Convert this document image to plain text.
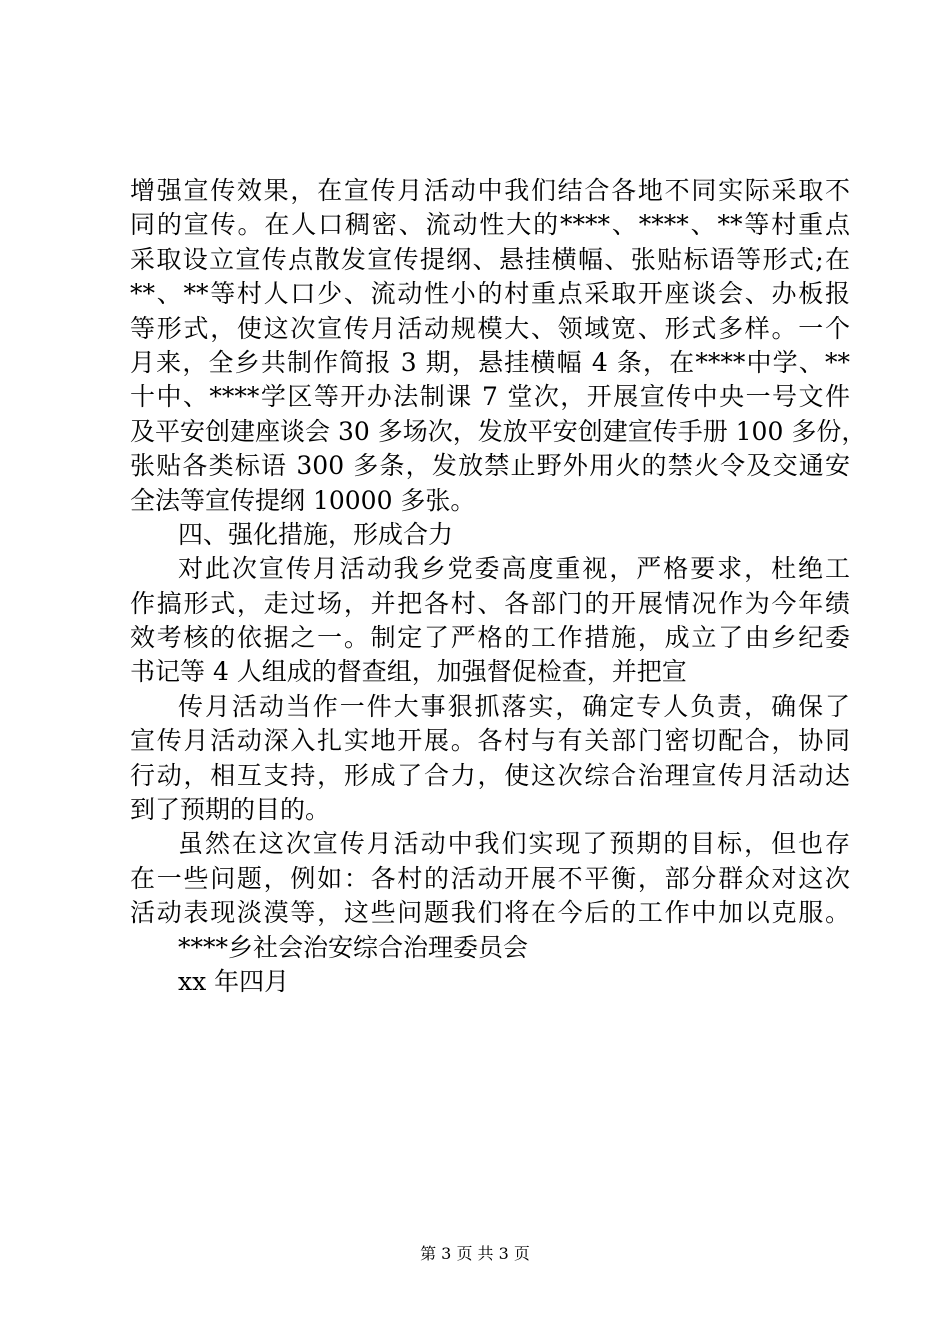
增强宣传效果，在宣传月活动中我们结合各地不同实际采取不
同的宣传。在人口稠密、流动性大的****、****、**等村重点
采取设立宣传点散发宣传提纲、悬挂横幅、张贴标语等形式;在
**、**等村人口少、流动性小的村重点采取开座谈会、办板报
等形式，使这次宣传月活动规模大、领域宽、形式多样。一个
月来，全乡共制作简报 3 期，悬挂横幅 4 条，在****中学、**
十中、****学区等开办法制课 7 堂次，开展宣传中央一号文件
及平安创建座谈会 30 多场次，发放平安创建宣传手册 100 多份，
张贴各类标语 300 多条，发放禁止野外用火的禁火令及交通安
全法等宣传提纲 10000 多张。
四、强化措施，形成合力
对此次宣传月活动我乡党委高度重视，严格要求，杜绝工
作搞形式，走过场，并把各村、各部门的开展情况作为今年绩
效考核的依据之一。制定了严格的工作措施，成立了由乡纪委
书记等 4 人组成的督查组，加强督促检查，并把宣
传月活动当作一件大事狠抓落实，确定专人负责，确保了
宣传月活动深入扎实地开展。各村与有关部门密切配合，协同
行动，相互支持，形成了合力，使这次综合治理宣传月活动达
到了预期的目的。
虽然在这次宣传月活动中我们实现了预期的目标，但也存
在一些问题，例如：各村的活动开展不平衡，部分群众对这次
活动表现淡漠等，这些问题我们将在今后的工作中加以克服。
****乡社会治安综合治理委员会
xx 年四月
第 3 页 共 3 页
